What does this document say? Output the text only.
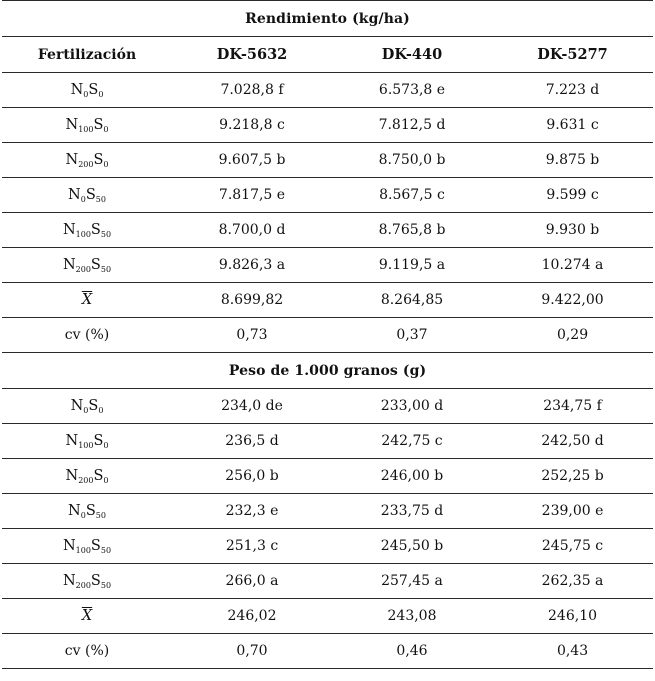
Rendimiento (kg/ha)			
Fertilización	DK-5632	DK-440	DK-5277
$N_0S_0$	7.028,8 f	6.573,8 e	7.223 d
$N_{100}S_0$	9.218,8 c	7.812,5 d	9.631 c
$N_{200}S_0$	9.607,5 b	8.750,0 b	9.875 b
$N_0S_{50}$	7.817,5 e	8.567,5 c	9.599 c
$N_{100}S_{50}$	8.700,0 d	8.765,8 b	9.930 b
$N_{200}S_{50}$	9.826,3 a	9.119,5 a	10.274 a
$\overline{X}$	8.699,82	8.264,85	9.422,00
cv (%)	0,73	0,37	0,29
Peso de 1.000 granos (g)			
$N_0S_0$	234,0 de	233,00 d	234,75 f
$N_{100}S_0$	236,5 d	242,75 c	242,50 d
$N_{200}S_0$	256,0 b	246,00 b	252,25 b
$N_0S_{50}$	232,3 e	233,75 d	239,00 e
$N_{100}S_{50}$	251,3 c	245,50 b	245,75 c
$N_{200}S_{50}$	266,0 a	257,45 a	262,35 a
$\overline{X}$	246,02	243,08	246,10
cv (%)	0,70	0,46	0,43
